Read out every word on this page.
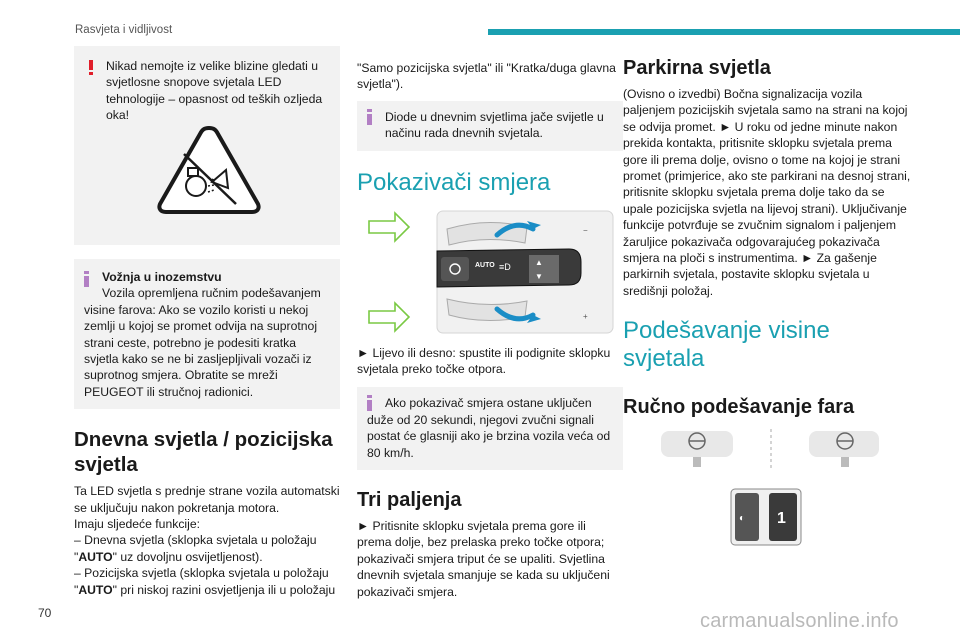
Rasvjeta i vidljivost
Nikad nemojte iz velike blizine gledati u svjetlosne snopove svjetala LED tehnologije – opasnost od teških ozljeda oka!
Vožnja u inozemstvu
Vozila opremljena ručnim podešavanjem visine farova: Ako se vozilo koristi u nekoj zemlji u kojoj se promet odvija na suprotnoj strani ceste, potrebno je podesiti kratka svjetla kako se ne bi zasljepljivali vozači iz suprotnog smjera. Obratite se mreži PEUGEOT ili stručnoj radionici.
Dnevna svjetla / pozicijska svjetla

Ta LED svjetla s prednje strane vozila automatski se uključuju nakon pokretanja motora.

Imaju sljedeće funkcije:

– Dnevna svjetla (sklopka svjetala u položaju "AUTO" uz dovoljnu osvijetljenost).

– Pozicijska svjetla (sklopka svjetala u položaju "AUTO" pri niskoj razini osvjetljenja ili u položaju

"Samo pozicijska svjetla" ili "Kratka/duga glavna svjetla").

Diode u dnevnim svjetlima jače svijetle u načinu rada dnevnih svjetala.
Pokazivači smjera
AUTO ≡D	▲
▼
−
+

► Lijevo ili desno: spustite ili podignite sklopku svjetala preko točke otpora.

Ako pokazivač smjera ostane uključen duže od 20 sekundi, njegovi zvučni signali postat će glasniji ako je brzina vozila veća od 80 km/h.
Tri paljenja

► Pritisnite sklopku svjetala prema gore ili prema dolje, bez prelaska preko točke otpora; pokazivači smjera triput će se upaliti. Svjetlina dnevnih svjetala smanjuje se kada su uključeni pokazivači smjera.

Parkirna svjetla

(Ovisno o izvedbi) Bočna signalizacija vozila paljenjem pozicijskih svjetala samo na strani na kojoj se odvija promet. ► U roku od jedne minute nakon prekida kontakta, pritisnite sklopku svjetala prema gore ili prema dolje, ovisno o tome na kojoj je strani promet (primjerice, ako ste parkirani na desnoj strani, pritisnite sklopku svjetala prema dolje tako da se upale pozicijska svjetla na lijevoj strani). Uključivanje funkcije potvrđuje se zvučnim signalom i paljenjem žaruljice pokazivača odgovarajućeg pokazivača smjera na ploči s instrumentima. ► Za gašenje parkirnih svjetala, postavite sklopku svjetala u središnji položaj.

Podešavanje visine svjetala
Ručno podešavanje fara
◐ 1
70	carmanualsonline.info
